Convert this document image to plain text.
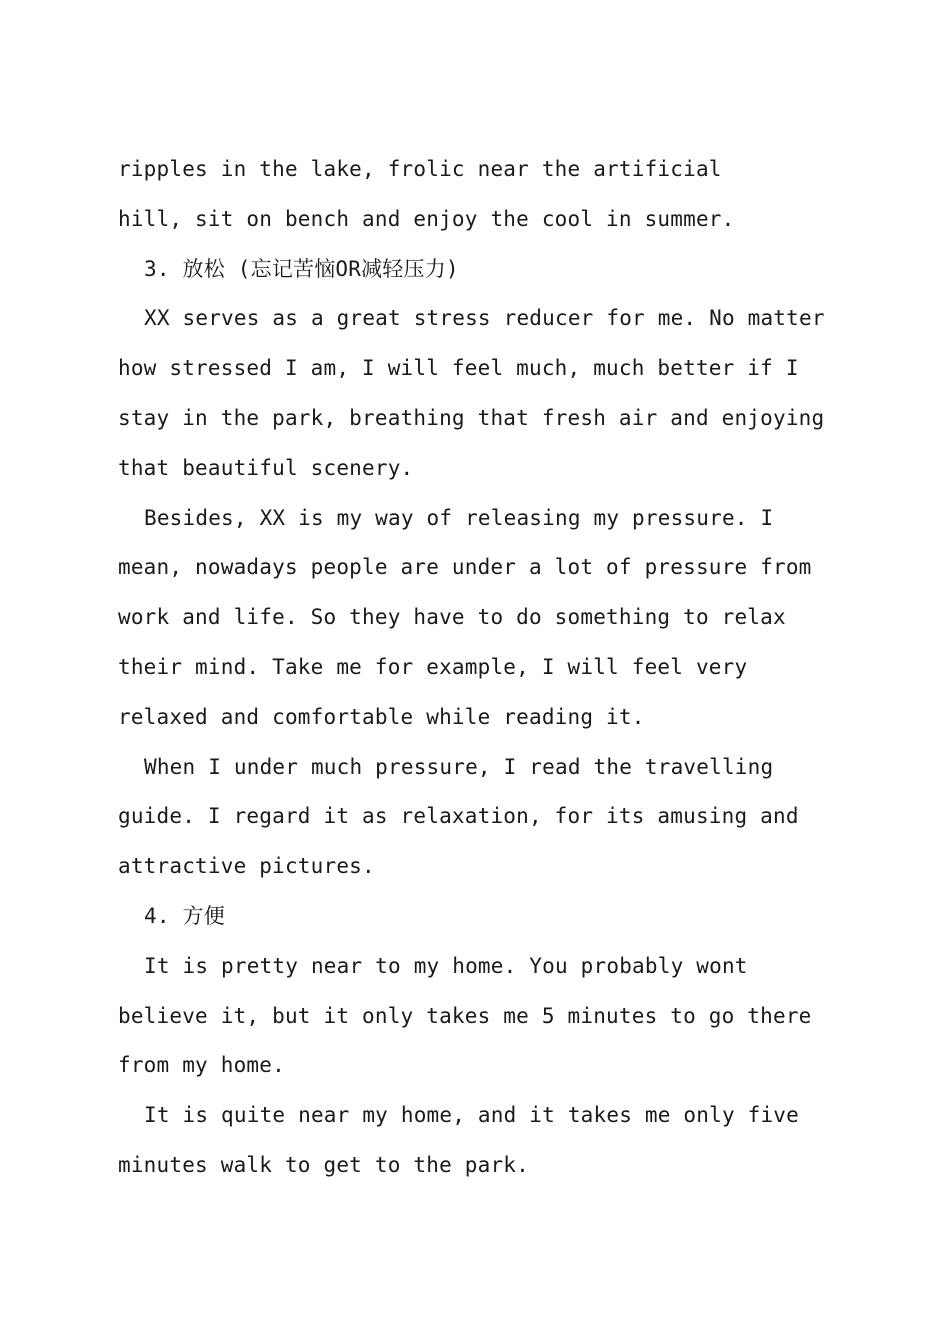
ripples in the lake, frolic near the artificial
hill, sit on bench and enjoy the cool in summer.
3. 放松 (忘记苦恼OR减轻压力)
XX serves as a great stress reducer for me. No matter
how stressed I am, I will feel much, much better if I
stay in the park, breathing that fresh air and enjoying
that beautiful scenery.
Besides, XX is my way of releasing my pressure. I
mean, nowadays people are under a lot of pressure from
work and life. So they have to do something to relax
their mind. Take me for example, I will feel very
relaxed and comfortable while reading it.
When I under much pressure, I read the travelling
guide. I regard it as relaxation, for its amusing and
attractive pictures.
4. 方便
It is pretty near to my home. You probably wont
believe it, but it only takes me 5 minutes to go there
from my home.
It is quite near my home, and it takes me only five
minutes walk to get to the park.
